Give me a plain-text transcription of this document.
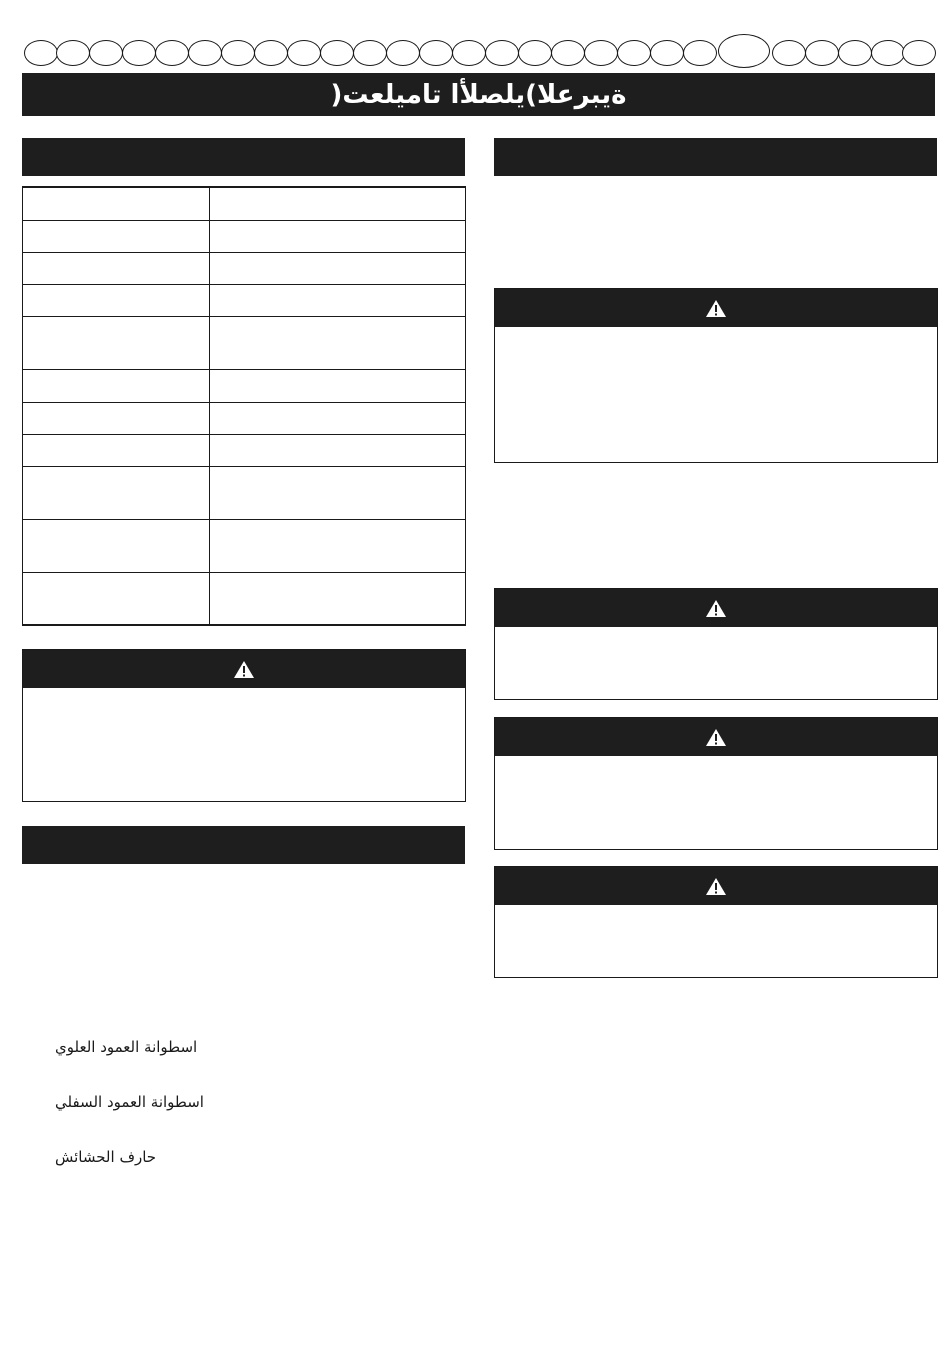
ةيبرعلا)يلصلأا تاميلعت(

اسطوانة العمود العلوي
اسطوانة العمود السفلي
حارف الحشائش
